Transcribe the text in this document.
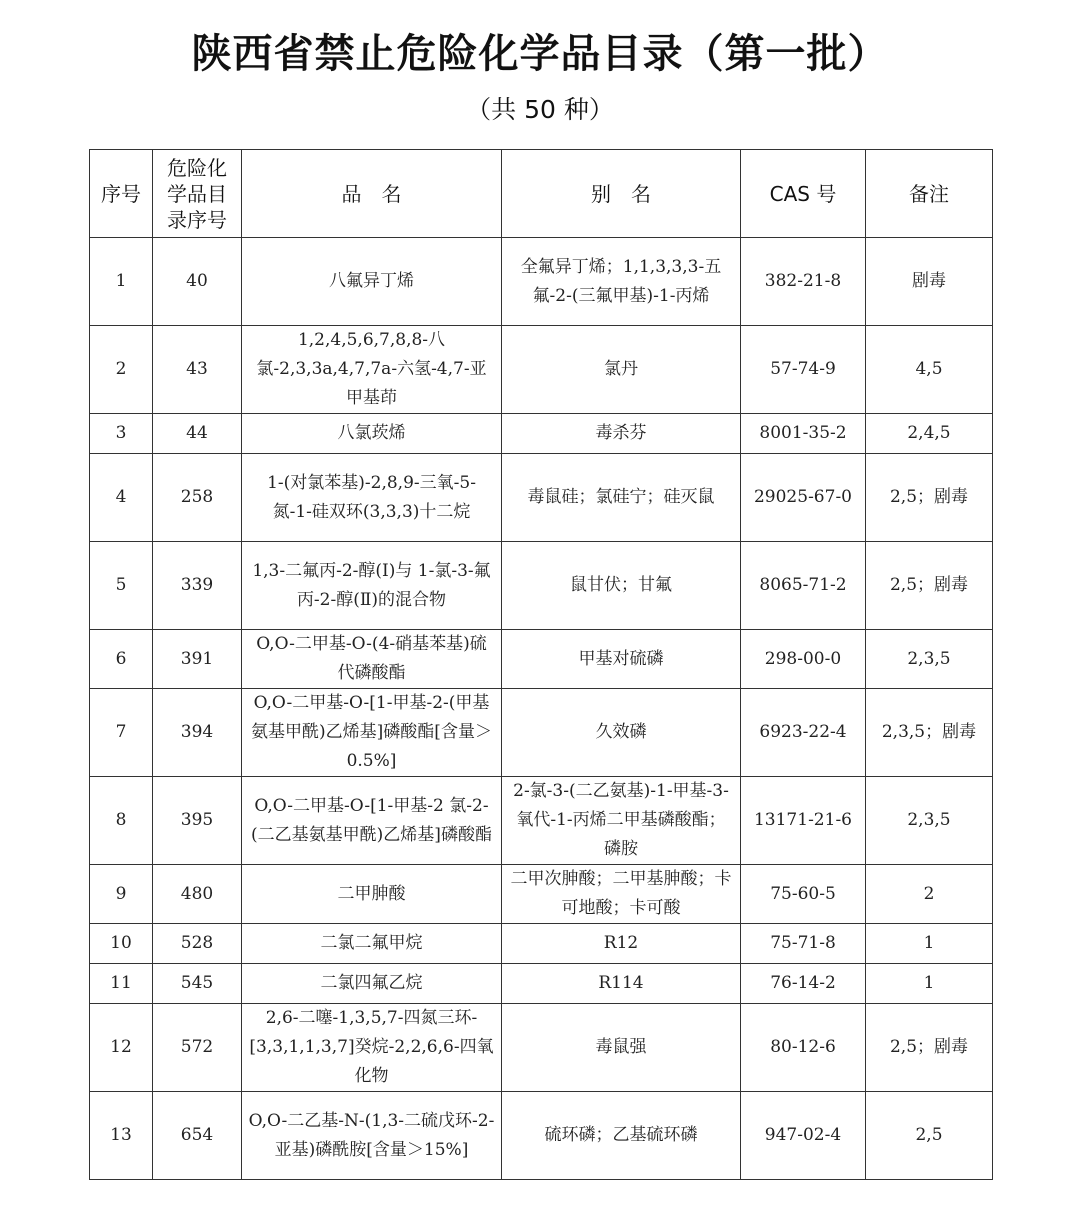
陕西省禁止危险化学品目录（第一批）
（共 50 种）
序号	危险化学品目录序号	品　名	别　名	CAS 号	备注
1	40	八氟异丁烯	全氟异丁烯；1,1,3,3,3-五氟-2-(三氟甲基)-1-丙烯	382-21-8	剧毒
2	43	1,2,4,5,6,7,8,8-八氯-2,3,3a,4,7,7a-六氢-4,7-亚甲基茚	氯丹	57-74-9	4,5
3	44	八氯莰烯	毒杀芬	8001-35-2	2,4,5
4	258	1-(对氯苯基)-2,8,9-三氧-5-氮-1-硅双环(3,3,3)十二烷	毒鼠硅；氯硅宁；硅灭鼠	29025-67-0	2,5；剧毒
5	339	1,3-二氟丙-2-醇(Ⅰ)与 1-氯-3-氟丙-2-醇(Ⅱ)的混合物	鼠甘伏；甘氟	8065-71-2	2,5；剧毒
6	391	O,O-二甲基-O-(4-硝基苯基)硫代磷酸酯	甲基对硫磷	298-00-0	2,3,5
7	394	O,O-二甲基-O-[1-甲基-2-(甲基氨基甲酰)乙烯基]磷酸酯[含量＞0.5%]	久效磷	6923-22-4	2,3,5；剧毒
8	395	O,O-二甲基-O-[1-甲基-2 氯-2-(二乙基氨基甲酰)乙烯基]磷酸酯	2-氯-3-(二乙氨基)-1-甲基-3-氧代-1-丙烯二甲基磷酸酯；磷胺	13171-21-6	2,3,5
9	480	二甲胂酸	二甲次胂酸；二甲基胂酸；卡可地酸；卡可酸	75-60-5	2
10	528	二氯二氟甲烷	R12	75-71-8	1
11	545	二氯四氟乙烷	R114	76-14-2	1
12	572	2,6-二噻-1,3,5,7-四氮三环-[3,3,1,1,3,7]癸烷-2,2,6,6-四氧化物	毒鼠强	80-12-6	2,5；剧毒
13	654	O,O-二乙基-N-(1,3-二硫戊环-2-亚基)磷酰胺[含量＞15%]	硫环磷；乙基硫环磷	947-02-4	2,5
